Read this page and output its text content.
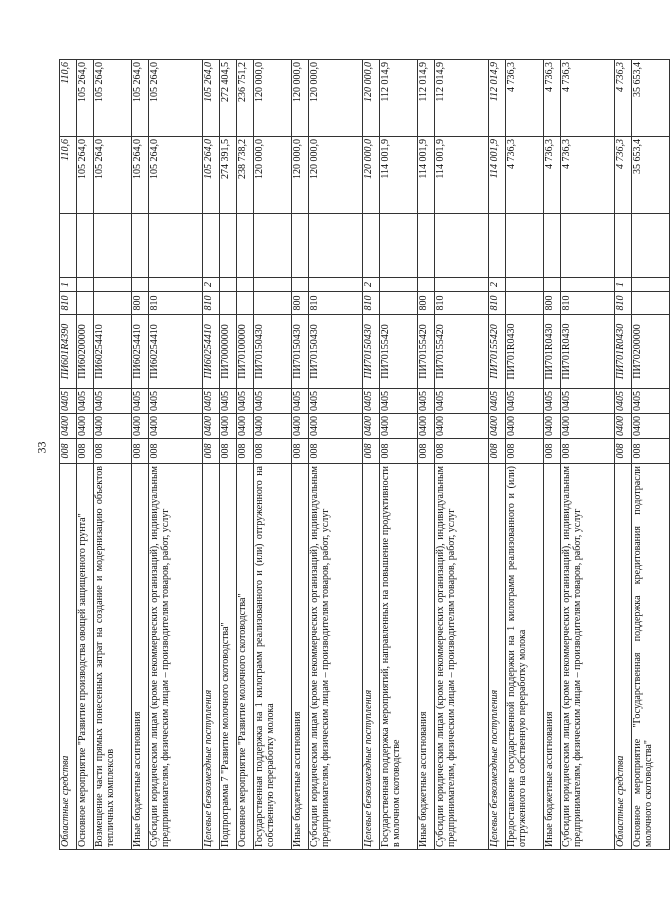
33
Областные средства	008	0400	0405	ПИ601R4390	810	1		110,6	110,6
Основное мероприятие "Развитие производства овощей защищенного грунта"	008	0400	0405	ПИ60200000				105 264,0	105 264,0
Возмещение части прямых понесенных затрат на создание и модернизацию объектов тепличных комплексов	008	0400	0405	ПИ60254410				105 264,0	105 264,0
Иные бюджетные ассигнования	008	0400	0405	ПИ60254410	800			105 264,0	105 264,0
Субсидии юридическим лицам (кроме некоммерческих организаций), индивидуальным предпринимателям, физическим лицам – производителям товаров, работ, услуг	008	0400	0405	ПИ60254410	810			105 264,0	105 264,0
Целевые безвозмездные поступления	008	0400	0405	ПИ60254410	810	2		105 264,0	105 264,0
Подпрограмма 7 "Развитие молочного скотоводства"	008	0400	0405	ПИ70000000				274 391,5	272 404,5
Основное мероприятие "Развитие молочного скотоводства"	008	0400	0405	ПИ70100000				238 738,2	236 751,2
Государственная поддержка на 1 килограмм реализованного и (или) отгруженного на собственную переработку молока	008	0400	0405	ПИ70150430				120 000,0	120 000,0
Иные бюджетные ассигнования	008	0400	0405	ПИ70150430	800			120 000,0	120 000,0
Субсидии юридическим лицам (кроме некоммерческих организаций), индивидуальным предпринимателям, физическим лицам – производителям товаров, работ, услуг	008	0400	0405	ПИ70150430	810			120 000,0	120 000,0
Целевые безвозмездные поступления	008	0400	0405	ПИ70150430	810	2		120 000,0	120 000,0
Государственная поддержка мероприятий, направленных на повышение продуктивности в молочном скотоводстве	008	0400	0405	ПИ70155420				114 001,9	112 014,9
Иные бюджетные ассигнования	008	0400	0405	ПИ70155420	800			114 001,9	112 014,9
Субсидии юридическим лицам (кроме некоммерческих организаций), индивидуальным предпринимателям, физическим лицам – производителям товаров, работ, услуг	008	0400	0405	ПИ70155420	810			114 001,9	112 014,9
Целевые безвозмездные поступления	008	0400	0405	ПИ70155420	810	2		114 001,9	112 014,9
Предоставление государственной поддержки на 1 килограмм реализованного и (или) отгруженного на собственную переработку молока	008	0400	0405	ПИ701R0430				4 736,3	4 736,3
Иные бюджетные ассигнования	008	0400	0405	ПИ701R0430	800			4 736,3	4 736,3
Субсидии юридическим лицам (кроме некоммерческих организаций), индивидуальным предпринимателям, физическим лицам – производителям товаров, работ, услуг	008	0400	0405	ПИ701R0430	810			4 736,3	4 736,3
Областные средства	008	0400	0405	ПИ701R0430	810	1		4 736,3	4 736,3
Основное мероприятие "Государственная поддержка кредитования подотрасли молочного скотоводства"	008	0400	0405	ПИ70200000				35 653,4	35 653,4
